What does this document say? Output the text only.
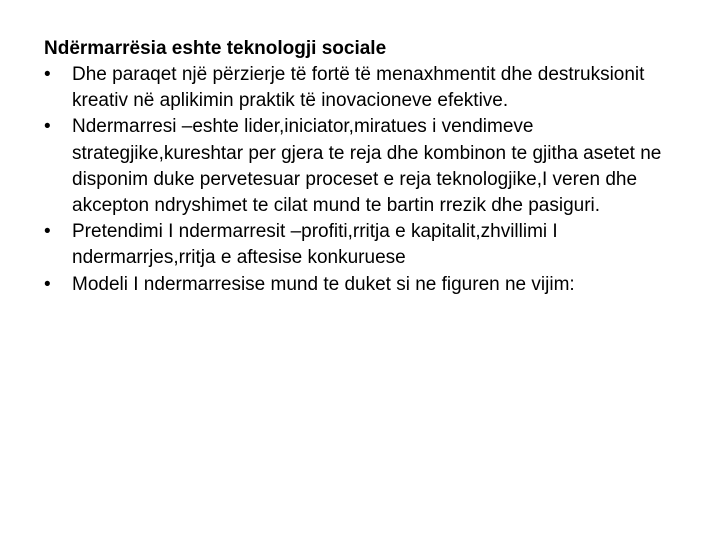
Ndërmarrësia eshte teknologji sociale

• Dhe paraqet një përzierje të fortë të menaxhmentit dhe destruksionit kreativ në aplikimin praktik të inovacioneve efektive.
• Ndermarresi –eshte lider,iniciator,miratues i vendimeve strategjike,kureshtar per gjera te reja dhe kombinon te gjitha asetet ne disponim duke pervetesuar proceset e reja teknologjike,I veren dhe akcepton ndryshimet te cilat mund te bartin rrezik dhe pasiguri.
• Pretendimi I ndermarresit –profiti,rritja e kapitalit,zhvillimi I ndermarrjes,rritja e aftesise konkuruese
• Modeli I ndermarresise mund te duket si ne figuren ne vijim:
